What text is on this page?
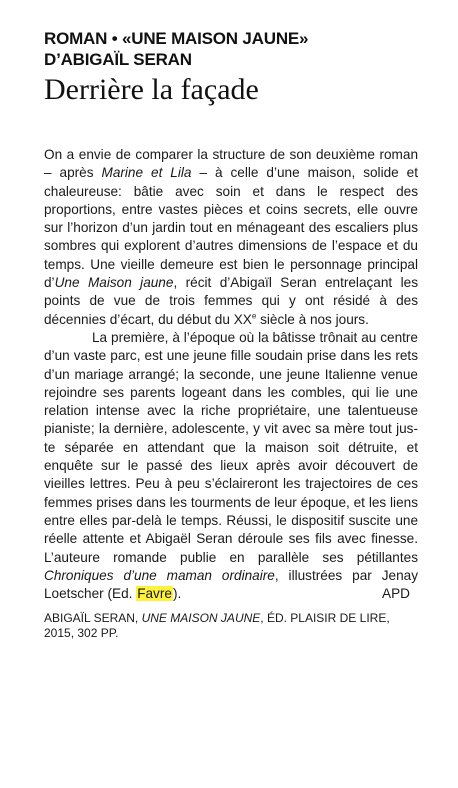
ROMAN • «UNE MAISON JAUNE»
D’ABIGAÏL SERAN
Derrière la façade

On a envie de comparer la structure de son deuxième roman – après Marine et Lila – à celle d’une maison, solide et chaleureuse: bâtie avec soin et dans le respect des proportions, entre vastes pièces et coins secrets, elle ouvre sur l’horizon d’un jardin tout en ménageant des escaliers plus sombres qui explorent d’autres dimensions de l’espace et du temps. Une vieille demeure est bien le personnage principal d’Une Maison jaune, récit d’Abigaïl Seran entrelaçant les points de vue de trois femmes qui y ont résidé à des décennies d’écart, du début du XXe siècle à nos jours.

La première, à l’époque où la bâtisse trônait au centre d’un vaste parc, est une jeune fille soudain prise dans les rets d’un mariage arrangé; la seconde, une jeune Italienne venue rejoindre ses parents logeant dans les combles, qui lie une relation intense avec la riche propriétaire, une talentueuse pianiste; la dernière, adolescente, y vit avec sa mère tout juste séparée en attendant que la maison soit détruite, et enquête sur le passé des lieux après avoir découvert de vieilles lettres. Peu à peu s’éclaireront les trajectoires de ces femmes prises dans les tourments de leur époque, et les liens entre elles par-delà le temps. Réussi, le dispositif suscite une réelle attente et Abigaël Seran déroule ses fils avec finesse. L’auteure romande publie en parallèle ses pétillantes Chroniques d’une maman ordinaire, illustrées par Jenay Loetscher (Ed. Favre).	APD

ABIGAÏL SERAN, UNE MAISON JAUNE, ÉD. PLAISIR DE LIRE, 2015, 302 PP.
